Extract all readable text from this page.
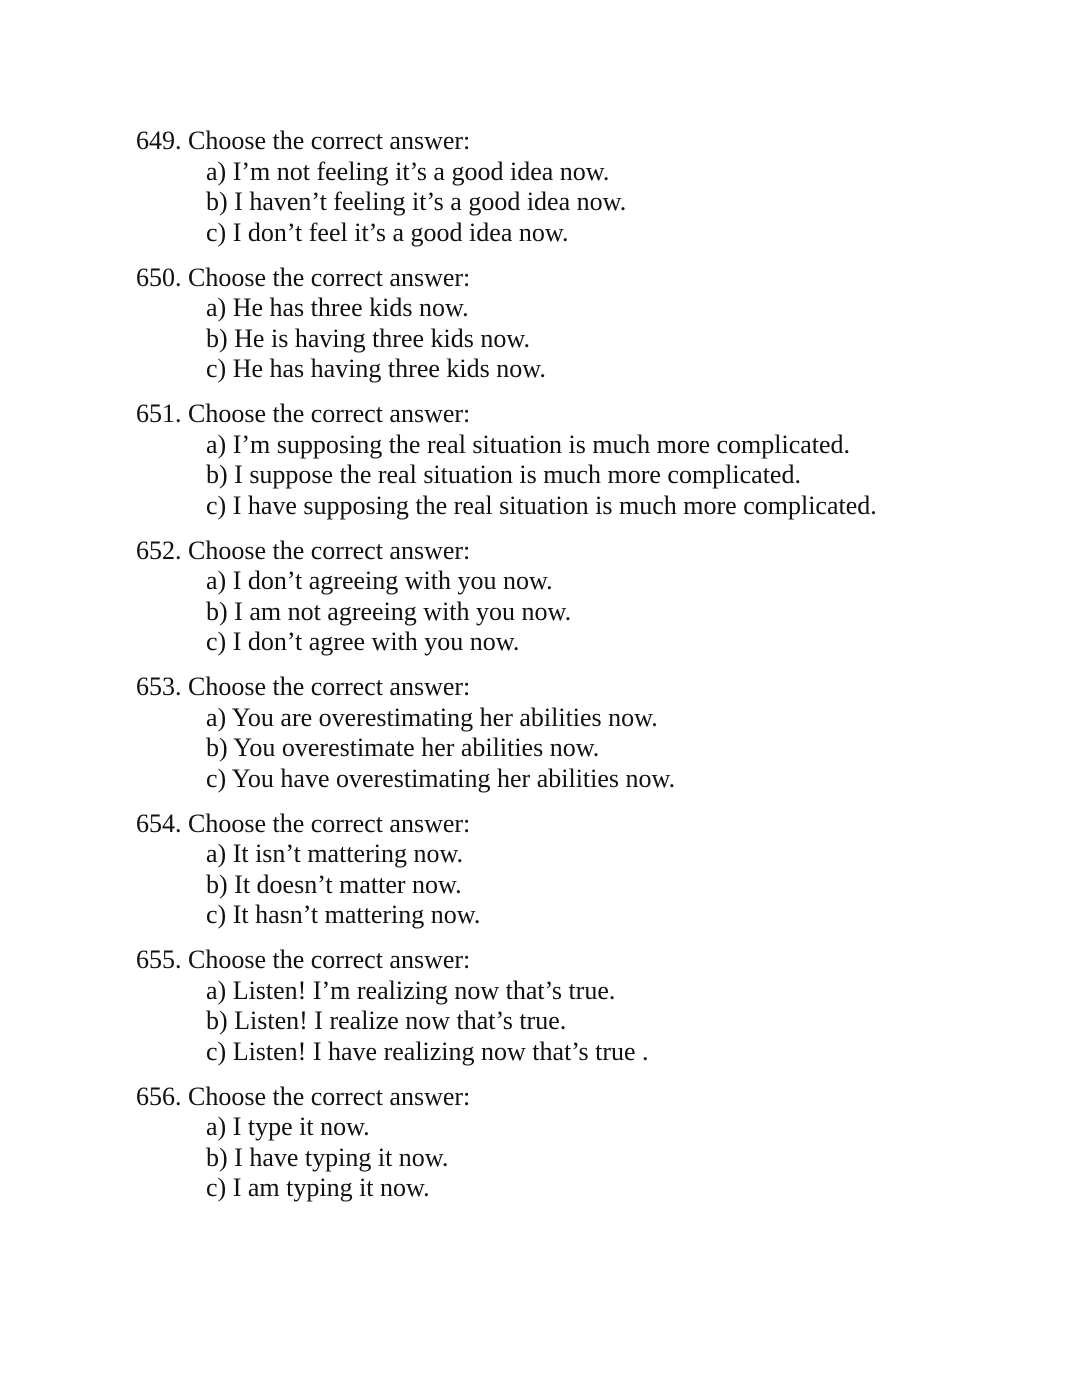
649. Choose the correct answer:
a) I’m not feeling it’s a good idea now.
b) I haven’t feeling it’s a good idea now.
c) I don’t feel it’s a good idea now.
650. Choose the correct answer:
a) He has three kids now.
b) He is having three kids now.
c) He has having three kids now.
651. Choose the correct answer:
a) I’m supposing the real situation is much more complicated.
b) I suppose the real situation is much more complicated.
c) I have supposing the real situation is much more complicated.
652. Choose the correct answer:
a) I don’t agreeing with you now.
b) I am not agreeing with you now.
c) I don’t agree with you now.
653. Choose the correct answer:
a) You are overestimating her abilities now.
b) You overestimate her abilities now.
c) You have overestimating her abilities now.
654. Choose the correct answer:
a) It isn’t mattering now.
b) It doesn’t matter now.
c) It hasn’t mattering now.
655. Choose the correct answer:
a) Listen! I’m realizing now that’s true.
b) Listen! I realize now that’s true.
c) Listen! I have realizing now that’s true .
656. Choose the correct answer:
a) I type it now.
b) I have typing it now.
c) I am typing it now.
